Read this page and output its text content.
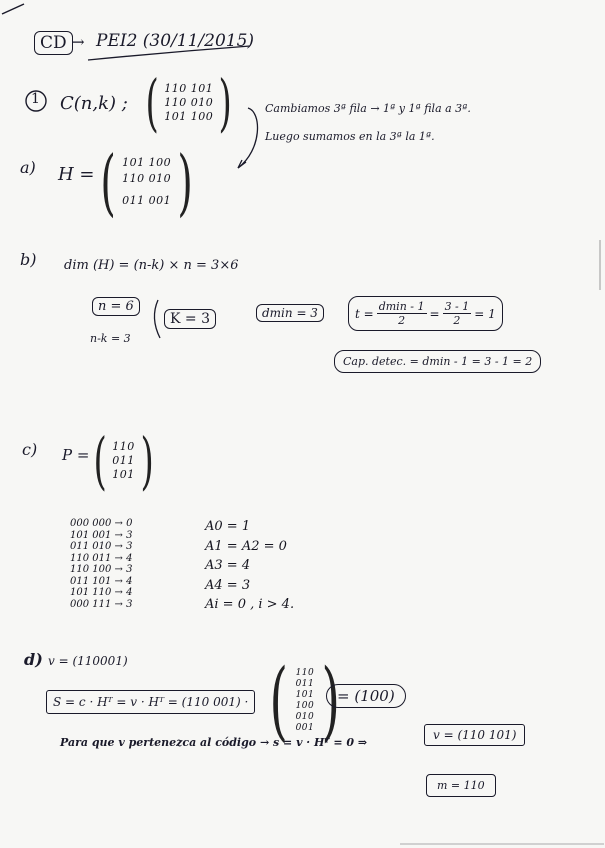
CD → PEI2 (30/11/2015)
1 C(n,k) ; ( 110 101
110 010
101 100 )	Cambiamos 3ª fila → 1ª y 1ª fila a 3ª.
Luego sumamos en la 3ª la 1ª.
a) H = ( 101 100
110 010
011 001 )
b) dim (H) = (n-k) × n = 3×6
n = 6
n-k = 3
K = 3	dmin = 3	$t = \frac{dmin - 1}{2} = \frac{3 - 1}{2} = 1$
Cap. detec. = dmin - 1 = 3 - 1 = 2
c) P = ( 110
011
101 )
000 000 → 0
101 001 → 3
011 010 → 3
110 011 → 4
110 100 → 3
011 101 → 4
101 110 → 4
000 111 → 3
A0 = 1
A1 = A2 = 0
A3 = 4
A4 = 3
Ai = 0 , i > 4.
d) v = (110001)
S = c · Hᵀ = v · Hᵀ = (110 001) · ( 110
011
101
100
010
001 )
= (100)
Para que v pertenezca al código → s = v · Hᵀ = 0 ⇒
v = (110 101)
m = 110
